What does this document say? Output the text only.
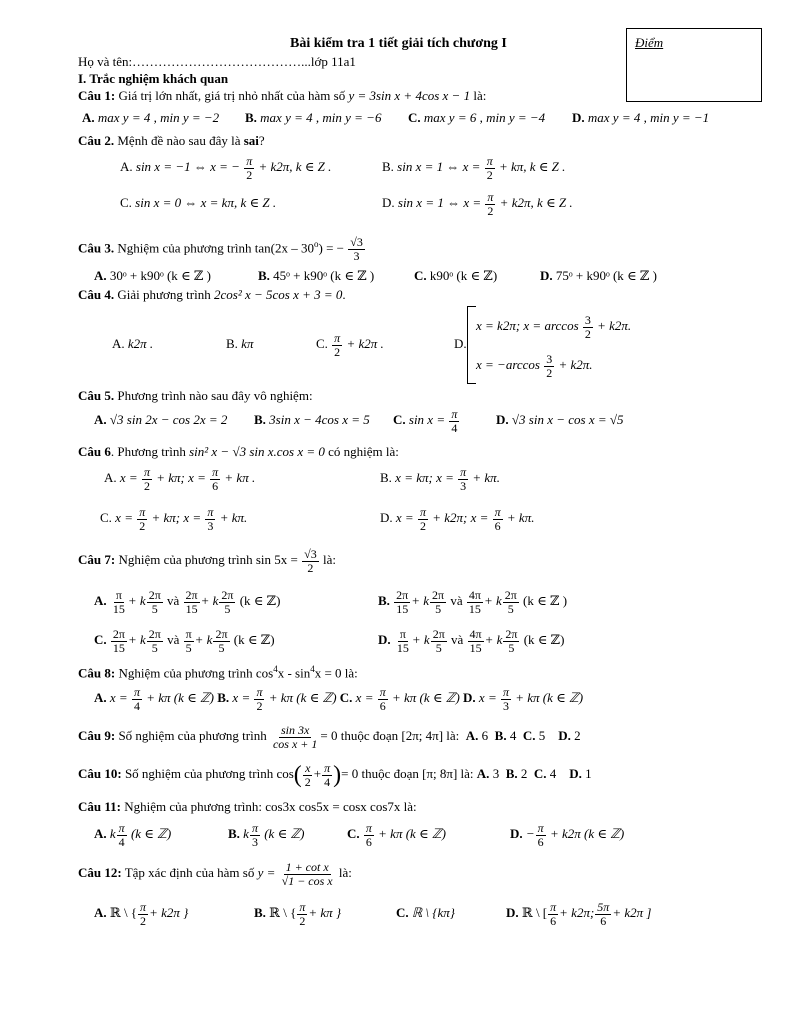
Bài kiểm tra 1 tiết giải tích chương I
Họ và tên:…………………………………...lớp 11a1
I. Trắc nghiệm khách quan
Điểm
Câu 1: Giá trị lớn nhất, giá trị nhỏ nhất của hàm số y = 3sin x + 4cos x − 1 là:
A. max y = 4 , min y = −2 B. max y = 4 , min y = −6 C. max y = 6 , min y = −4 D. max y = 4 , min y = −1
Câu 2. Mệnh đề nào sau đây là sai?
A. sin x = −1 ⇔ x = − $\frac{\pi}{2} + k2\pi$, k ∈ Z .	B. sin x = 1 ⇔ $x = \frac{\pi}{2} + k\pi$, k ∈ Z .
C. sin x = 0 ⇔ x = kπ, k ∈ Z .	D. sin x = 1 ⇔ $x = \frac{\pi}{2} + k2\pi$, k ∈ Z .
Câu 3. Nghiệm của phương trình $\tan(2x - 30^o)$ = − $\frac{√3}{3}$
A. 30ᵒ + k90ᵒ (k ∈ ℤ )	B. 45ᵒ + k90ᵒ (k ∈ ℤ )	C. k90ᵒ (k ∈ ℤ)	D. 75ᵒ + k90ᵒ (k ∈ ℤ )
Câu 4. Giải phương trình 2cos² x − 5cos x + 3 = 0.
A. k2π .	B. kπ	C. $\frac{\pi}{2} + k2\pi$ .	D.
x = k2π; $x = \arccos \frac{3}{2} + k2\pi$.
$x = -\arccos \frac{3}{2} + k2\pi$.
Câu 5. Phương trình nào sau đây vô nghiệm:
A. √3 sin 2x − cos 2x = 2 B. 3sin x − 4cos x = 5 C. $\sin x = \frac{\pi}{4}$	D. √3 sin x − cos x = √5
Câu 6. Phương trình sin² x − √3 sin x.cos x = 0 có nghiệm là:
A. $x = \frac{\pi}{2} + k\pi$; $x = \frac{\pi}{6} + k\pi$ .	B. x = kπ; $x = \frac{\pi}{3} + k\pi$.
C. $x = \frac{\pi}{2} + k\pi$; $x = \frac{\pi}{3} + k\pi$.	D. $x = \frac{\pi}{2} + k2\pi$; $x = \frac{\pi}{6} + k\pi$.
Câu 7: Nghiệm của phương trình $\sin 5x = \frac{√3}{2}$ là:
A. $\frac{\pi}{15} + k \frac{2\pi}{5}$ và $\frac{2\pi}{15} + k \frac{2\pi}{5} (k$ ∈ ℤ)	B. $\frac{2\pi}{15} + k \frac{2\pi}{5}$ và $\frac{4\pi}{15} + k \frac{2\pi}{5} (k$ ∈ ℤ )
C. $\frac{2\pi}{15} + k \frac{2\pi}{5}$ và $\frac{\pi}{5} + k \frac{2\pi}{5} (k$ ∈ ℤ)	D. $\frac{\pi}{15} + k \frac{2\pi}{5}$ và $\frac{4\pi}{15} + k \frac{2\pi}{5} (k$ ∈ ℤ)
Câu 8: Nghiệm của phương trình $\cos^4x - \sin^4x = 0$ là:
A. $x = \frac{\pi}{4} + k\pi$ (k ∈ ℤ) B. $x = \frac{\pi}{2} + k\pi$ (k ∈ ℤ) C. $x = \frac{\pi}{6} + k\pi$ (k ∈ ℤ) D. $x = \frac{\pi}{3} + k\pi$ (k ∈ ℤ)
Câu 9: Số nghiệm của phương trình $\frac{\sin 3x}{\text{cos x + 1}} = 0$ thuộc đoạn [2π; 4π] là: A. 6 B. 4 C. 5 D. 2
Câu 10: Số nghiệm của phương trình $\cos( \frac{x}{2} + \frac{\pi}{4}$ )= 0 thuộc đoạn [π; 8π] là: A. 3 B. 2 C. 4 D. 1
Câu 11: Nghiệm của phương trình: cos3x cos5x = cosx cos7x là:
A. k $\frac{\pi}{4} (k$ ∈ ℤ)	B. k $\frac{\pi}{3} (k$ ∈ ℤ)	C. $\frac{\pi}{6} + k\pi$ (k ∈ ℤ)	D. − $\frac{\pi}{6} + k2\pi$ (k ∈ ℤ)
Câu 12: Tập xác định của hàm số $y = \frac{\text{1 + cot x}}{\text{√1 − cos x}}$ là:
A. ℝ \ { $\frac{\pi}{2} + k2\pi$ }	B. ℝ \ { $\frac{\pi}{2} + k\pi$ }	C. ℝ \ {kπ}	D. ℝ \ [ $\frac{\pi}{6} + k2\pi$; $\frac{5\pi}{6} + k2\pi$ ]
